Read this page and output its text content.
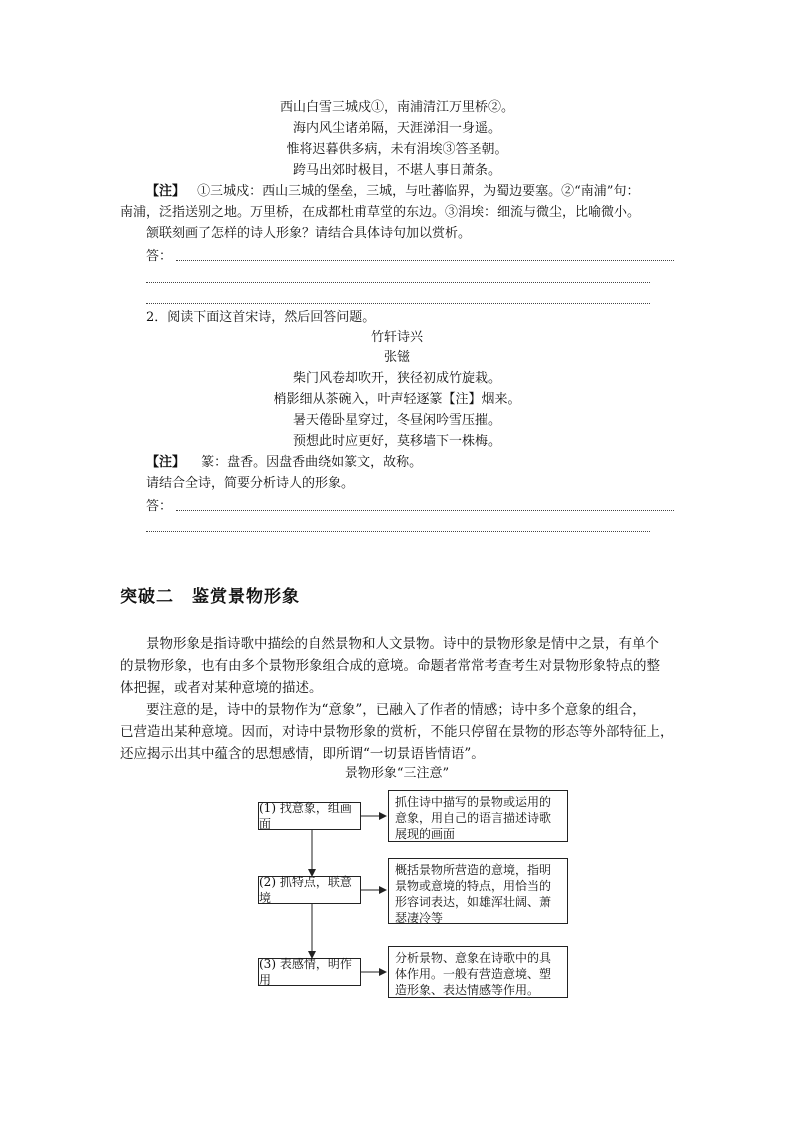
西山白雪三城戍①，南浦清江万里桥②。
海内风尘诸弟隔，天涯涕泪一身遥。
惟将迟暮供多病，未有涓埃③答圣朝。
跨马出郊时极目，不堪人事日萧条。
【注】 ①三城戍：西山三城的堡垒，三城，与吐蕃临界，为蜀边要塞。②“南浦”句：
南浦，泛指送别之地。万里桥，在成都杜甫草堂的东边。③涓埃：细流与微尘，比喻微小。
颔联刻画了怎样的诗人形象？请结合具体诗句加以赏析。
答：
2．阅读下面这首宋诗，然后回答问题。
竹轩诗兴
张镃
柴门风卷却吹开，狭径初成竹旋栽。
梢影细从茶碗入，叶声轻逐篆【注】烟来。
暑天倦卧星穿过，冬昼闲吟雪压摧。
预想此时应更好，莫移墙下一株梅。
【注】 篆：盘香。因盘香曲绕如篆文，故称。
请结合全诗，简要分析诗人的形象。
答：
突破二　鉴赏景物形象
景物形象是指诗歌中描绘的自然景物和人文景物。诗中的景物形象是情中之景，有单个
的景物形象，也有由多个景物形象组合成的意境。命题者常常考查考生对景物形象特点的整
体把握，或者对某种意境的描述。
要注意的是，诗中的景物作为“意象”，已融入了作者的情感；诗中多个意象的组合，
已营造出某种意境。因而，对诗中景物形象的赏析，不能只停留在景物的形态等外部特征上，
还应揭示出其中蕴含的思想感情，即所谓“一切景语皆情语”。
景物形象“三注意”
(1) 找意象，组画面
(2) 抓特点，联意境
(3) 表感情，明作用
抓住诗中描写的景物或运用的意象，用自己的语言描述诗歌展现的画面
概括景物所营造的意境，指明景物或意境的特点，用恰当的形容词表达，如雄浑壮阔、萧瑟凄冷等
分析景物、意象在诗歌中的具体作用。一般有营造意境、塑造形象、表达情感等作用。
